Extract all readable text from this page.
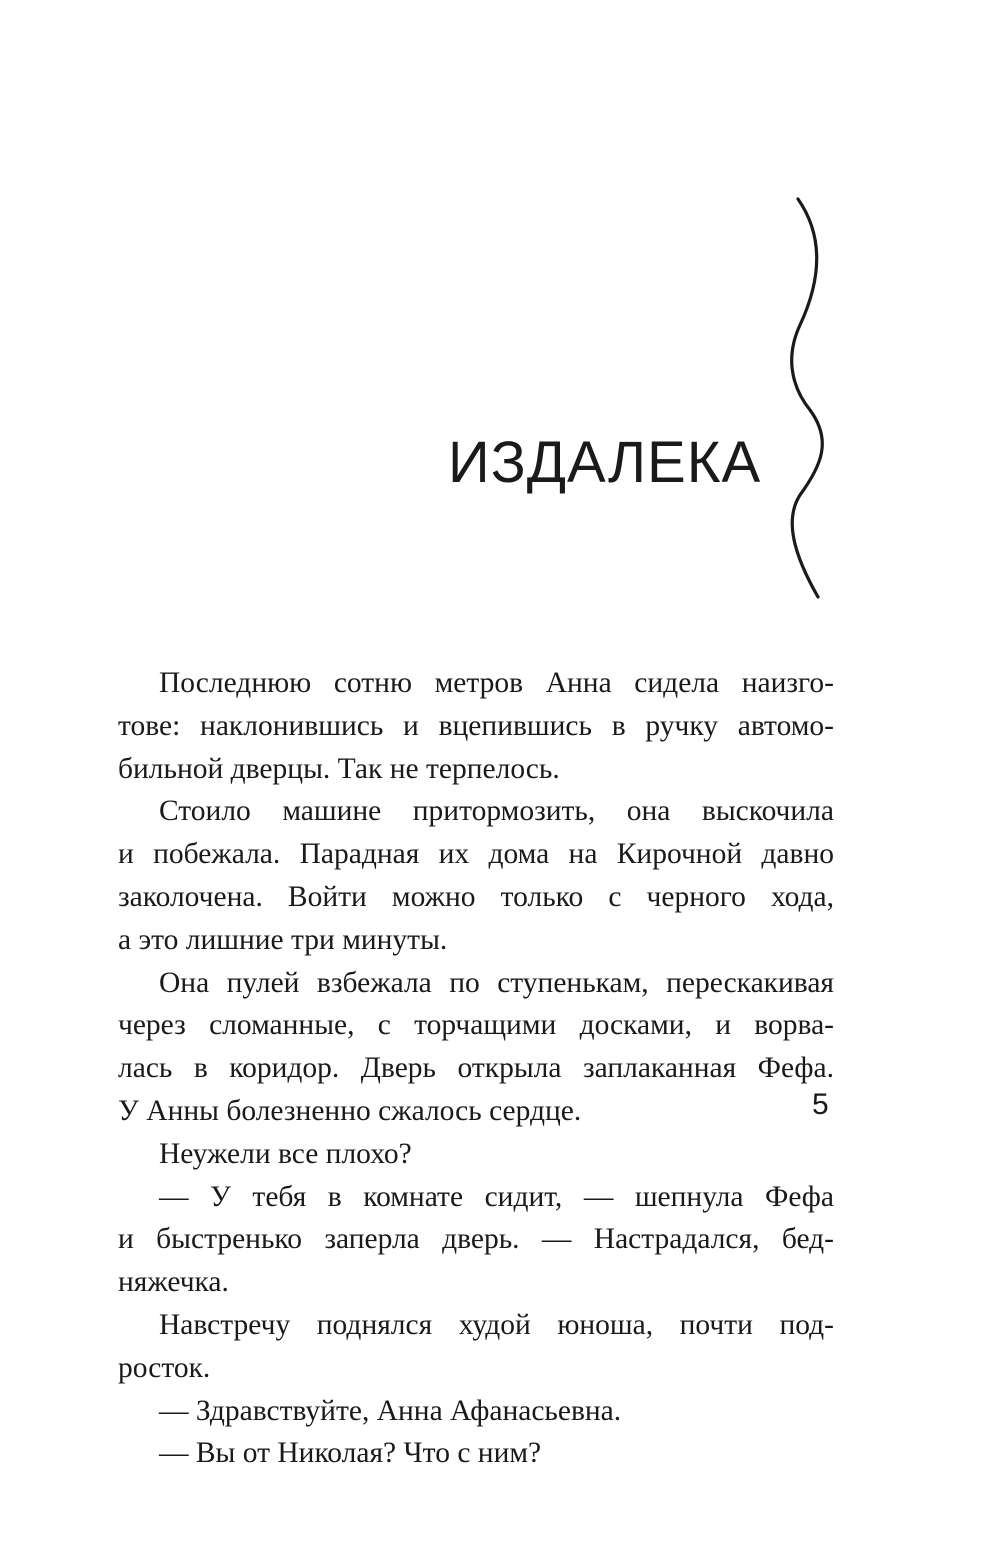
ИЗДАЛЕКА
Последнюю сотню метров Анна сидела наизго-
тове: наклонившись и вцепившись в ручку автомо-
бильной дверцы. Так не терпелось.
Стоило машине притормозить, она выскочила
и побежала. Парадная их дома на Кирочной давно
заколочена. Войти можно только с черного хода,
а это лишние три минуты.
Она пулей взбежала по ступенькам, перескакивая
через сломанные, с торчащими досками, и ворва-
лась в коридор. Дверь открыла заплаканная Фефа.
У Анны болезненно сжалось сердце.
Неужели все плохо?
— У тебя в комнате сидит, — шепнула Фефа
и быстренько заперла дверь. — Настрадался, бед-
няжечка.
Навстречу поднялся худой юноша, почти под-
росток.
— Здравствуйте, Анна Афанасьевна.
— Вы от Николая? Что с ним?
5
